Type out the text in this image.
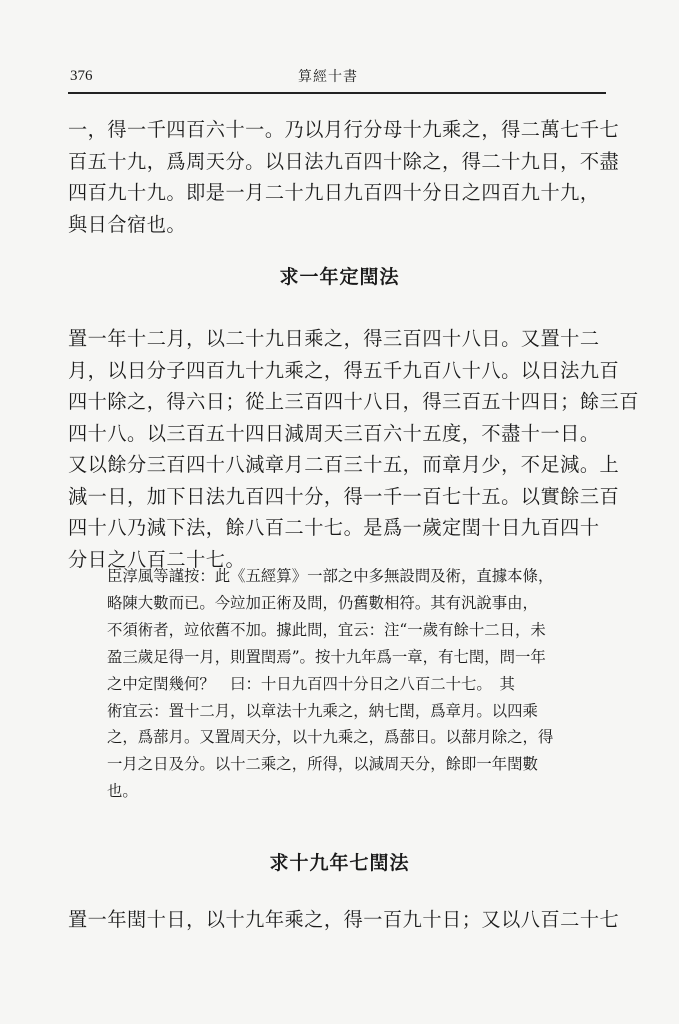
376	算經十書
一，得一千四百六十一。乃以月行分母十九乘之，得二萬七千七
百五十九，爲周天分。以日法九百四十除之，得二十九日，不盡
四百九十九。即是一月二十九日九百四十分日之四百九十九，
與日合宿也。
求一年定閏法
置一年十二月，以二十九日乘之，得三百四十八日。又置十二
月，以日分子四百九十九乘之，得五千九百八十八。以日法九百
四十除之，得六日；從上三百四十八日，得三百五十四日；餘三百
四十八。以三百五十四日減周天三百六十五度，不盡十一日。
又以餘分三百四十八減章月二百三十五，而章月少，不足減。上
減一日，加下日法九百四十分，得一千一百七十五。以實餘三百
四十八乃減下法，餘八百二十七。是爲一歲定閏十日九百四十
分日之八百二十七。
臣淳風等謹按：此《五經算》一部之中多無設問及術，直據本條，
略陳大數而已。今竝加正術及問，仍舊數相符。其有汎說事由，
不須術者，竝依舊不加。據此問，宜云：注“一歲有餘十二日，未
盈三歲足得一月，則置閏焉”。按十九年爲一章，有七閏，問一年
之中定閏幾何？　曰：十日九百四十分日之八百二十七。　其
術宜云：置十二月，以章法十九乘之，納七閏，爲章月。以四乘
之，爲蔀月。又置周天分，以十九乘之，爲蔀日。以蔀月除之，得
一月之日及分。以十二乘之，所得，以減周天分，餘即一年閏數
也。
求十九年七閏法
置一年閏十日，以十九年乘之，得一百九十日；又以八百二十七
